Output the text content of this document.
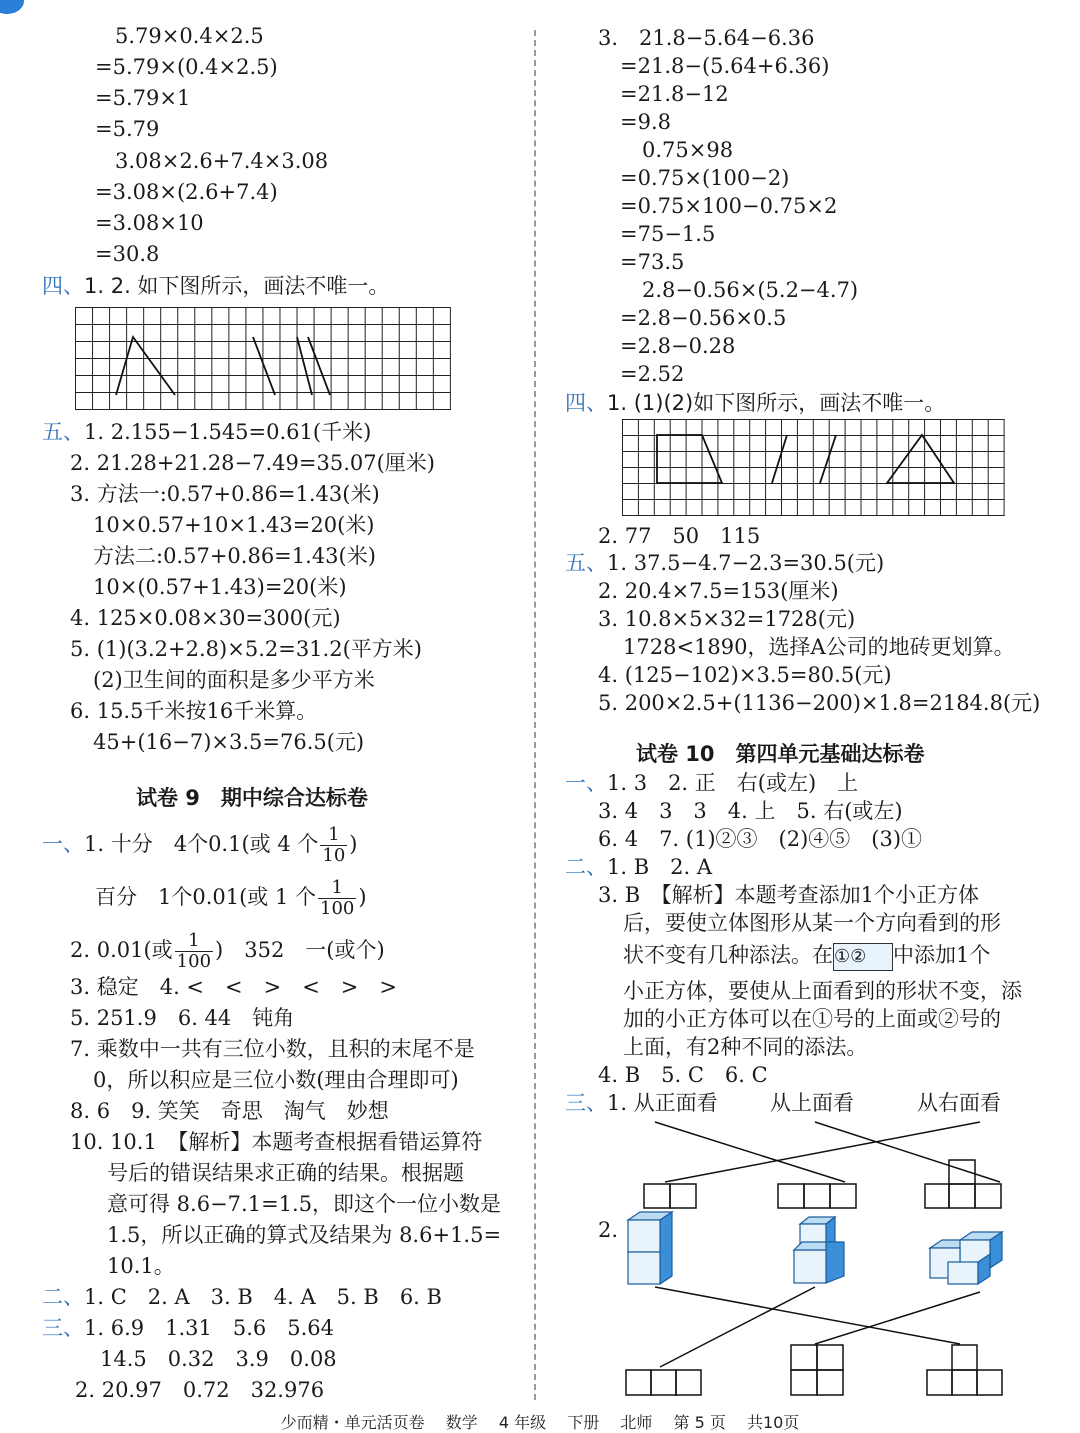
5.79×0.4×2.5
=5.79×(0.4×2.5)
=5.79×1
=5.79
3.08×2.6+7.4×3.08
=3.08×(2.6+7.4)
=3.08×10
=30.8
四、1. 2. 如下图所示，画法不唯一。
五、1. 2.155−1.545=0.61(千米)
2. 21.28+21.28−7.49=35.07(厘米)
3. 方法一:0.57+0.86=1.43(米)
10×0.57+10×1.43=20(米)
方法二:0.57+0.86=1.43(米)
10×(0.57+1.43)=20(米)
4. 125×0.08×30=300(元)
5. (1)(3.2+2.8)×5.2=31.2(平方米)
(2)卫生间的面积是多少平方米
6. 15.5千米按16千米算。
45+(16−7)×3.5=76.5(元)
试卷 9　期中综合达标卷
一、1. 十分　4个0.1(或 4 个 $\frac{1}{10}$ )
百分　1个0.01(或 1 个 $\frac{1}{100}$ )
2. 0.01(或 $\frac{1}{100}$ )　352　一(或个)
3. 稳定　4. <　<　>　<　>　>
5. 251.9　6. 44　钝角
7. 乘数中一共有三位小数，且积的末尾不是
0，所以积应是三位小数(理由合理即可)
8. 6　9. 笑笑　奇思　淘气　妙想
10. 10.1　【解析】本题考查根据看错运算符
号后的错误结果求正确的结果。根据题
意可得 8.6−7.1=1.5，即这个一位小数是
1.5，所以正确的算式及结果为 8.6+1.5=
10.1。
二、1. C　2. A　3. B　4. A　5. B　6. B
三、1. 6.9　1.31　5.6　5.64
14.5　0.32　3.9　0.08
2. 20.97　0.72　32.976
3.　21.8−5.64−6.36
=21.8−(5.64+6.36)
=21.8−12
=9.8
0.75×98
=0.75×(100−2)
=0.75×100−0.75×2
=75−1.5
=73.5
2.8−0.56×(5.2−4.7)
=2.8−0.56×0.5
=2.8−0.28
=2.52
四、1. (1)(2)如下图所示，画法不唯一。
2. 77　50　115
五、1. 37.5−4.7−2.3=30.5(元)
2. 20.4×7.5=153(厘米)
3. 10.8×5×32=1728(元)
1728<1890，选择A公司的地砖更划算。
4. (125−102)×3.5=80.5(元)
5. 200×2.5+(1136−200)×1.8=2184.8(元)
试卷 10　第四单元基础达标卷
一、1. 3　2. 正　右(或左)　上
3. 4　3　3　4. 上　5. 右(或左)
6. 4　7. (1)②③　(2)④⑤　(3)①
二、1. B　2. A
3. B　【解析】本题考查添加1个小正方体
后，要使立体图形从某一个方向看到的形
状不变有几种添法。在①② 中添加1个
小正方体，要使从上面看到的形状不变，添
加的小正方体可以在①号的上面或②号的
上面，有2种不同的添法。
4. B　5. C　6. C
三、1. 从正面看 从上面看	从右面看
2.
少而精・单元活页卷 数学 4 年级 下册 北师 第 5 页 共10页
